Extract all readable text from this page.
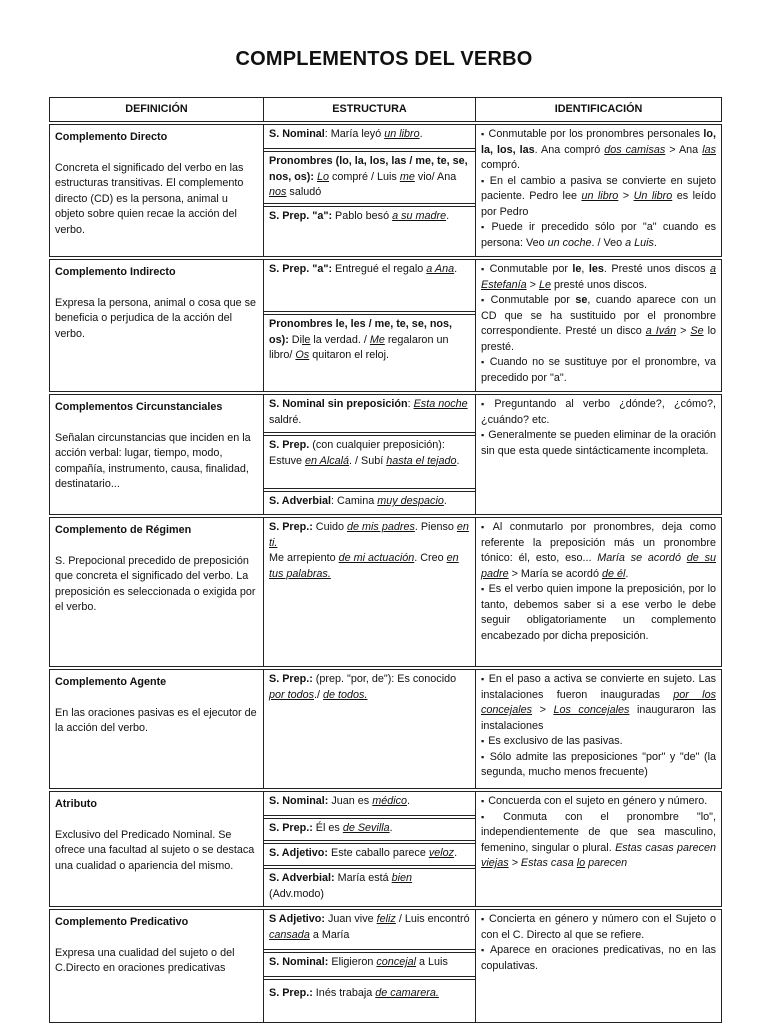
COMPLEMENTOS DEL VERBO
DEFINICIÓN	ESTRUCTURA	IDENTIFICACIÓN
Complemento Directo
Concreta el significado del verbo en las estructuras transitivas. El complemento directo (CD) es la persona, animal u objeto sobre quien recae la acción del verbo.
S. Nominal: María leyó un libro.
Pronombres (lo, la, los, las / me, te, se, nos, os): Lo compré / Luis me vio/ Ana nos saludó
S. Prep. "a": Pablo besó a su madre.
▪ Conmutable por los pronombres personales lo, la, los, las. Ana compró dos camisas > Ana las compró.
▪ En el cambio a pasiva se convierte en sujeto paciente. Pedro lee un libro > Un libro es leído por Pedro
▪ Puede ir precedido sólo por "a" cuando es persona: Veo un coche. / Veo a Luis.
Complemento Indirecto
Expresa la persona, animal o cosa que se beneficia o perjudica de la acción del verbo.
S. Prep. "a": Entregué el regalo a Ana.
Pronombres le, les / me, te, se, nos, os): Dile la verdad. / Me regalaron un libro/ Os quitaron el reloj.
▪ Conmutable por le, les. Presté unos discos a Estefanía > Le presté unos discos.
▪ Conmutable por se, cuando aparece con un CD que se ha sustituido por el pronombre correspondiente. Presté un disco a Iván > Se lo presté.
▪ Cuando no se sustituye por el pronombre, va precedido por "a".
Complementos Circunstanciales
Señalan circunstancias que inciden en la acción verbal: lugar, tiempo, modo, compañía, instrumento, causa, finalidad, destinatario...
S. Nominal sin preposición: Esta noche saldré.
S. Prep. (con cualquier preposición): Estuve en Alcalá. / Subí hasta el tejado.
S. Adverbial: Camina muy despacio.
▪ Preguntando al verbo ¿dónde?, ¿cómo?, ¿cuándo? etc.
▪ Generalmente se pueden eliminar de la oración sin que esta quede sintácticamente incompleta.
Complemento de Régimen
S. Prepocional precedido de preposición que concreta el significado del verbo. La preposición es seleccionada o exigida por el verbo.
S. Prep.: Cuido de mis padres. Pienso en ti.
Me arrepiento de mi actuación. Creo en tus palabras.
▪ Al conmutarlo por pronombres, deja como referente la preposición más un pronombre tónico: él, esto, eso... María se acordó de su padre > María se acordó de él.
▪ Es el verbo quien impone la preposición, por lo tanto, debemos saber si a ese verbo le debe seguir obligatoriamente un complemento encabezado por dicha preposición.
Complemento Agente
En las oraciones pasivas es el ejecutor de la acción del verbo.
S. Prep.: (prep. "por, de"): Es conocido por todos./ de todos.
▪ En el paso a activa se convierte en sujeto. Las instalaciones fueron inauguradas por los concejales > Los concejales inauguraron las instalaciones
▪ Es exclusivo de las pasivas.
▪ Sólo admite las preposiciones "por" y "de" (la segunda, mucho menos frecuente)
Atributo
Exclusivo del Predicado Nominal. Se ofrece una facultad al sujeto o se destaca una cualidad o apariencia del mismo.
S. Nominal: Juan es médico.
S. Prep.: Él es de Sevilla.
S. Adjetivo: Este caballo parece veloz.
S. Adverbial: María está bien
(Adv.modo)
▪ Concuerda con el sujeto en género y número.
▪ Conmuta con el pronombre "lo", independientemente de que sea masculino, femenino, singular o plural. Estas casas parecen viejas > Estas casa lo parecen
Complemento Predicativo
Expresa una cualidad del sujeto o del C.Directo en oraciones predicativas
S Adjetivo: Juan vive feliz / Luis encontró cansada a María
S. Nominal: Eligieron concejal a Luis
S. Prep.: Inés trabaja de camarera.
▪ Concierta en género y número con el Sujeto o con el C. Directo al que se refiere.
▪ Aparece en oraciones predicativas, no en las copulativas.
